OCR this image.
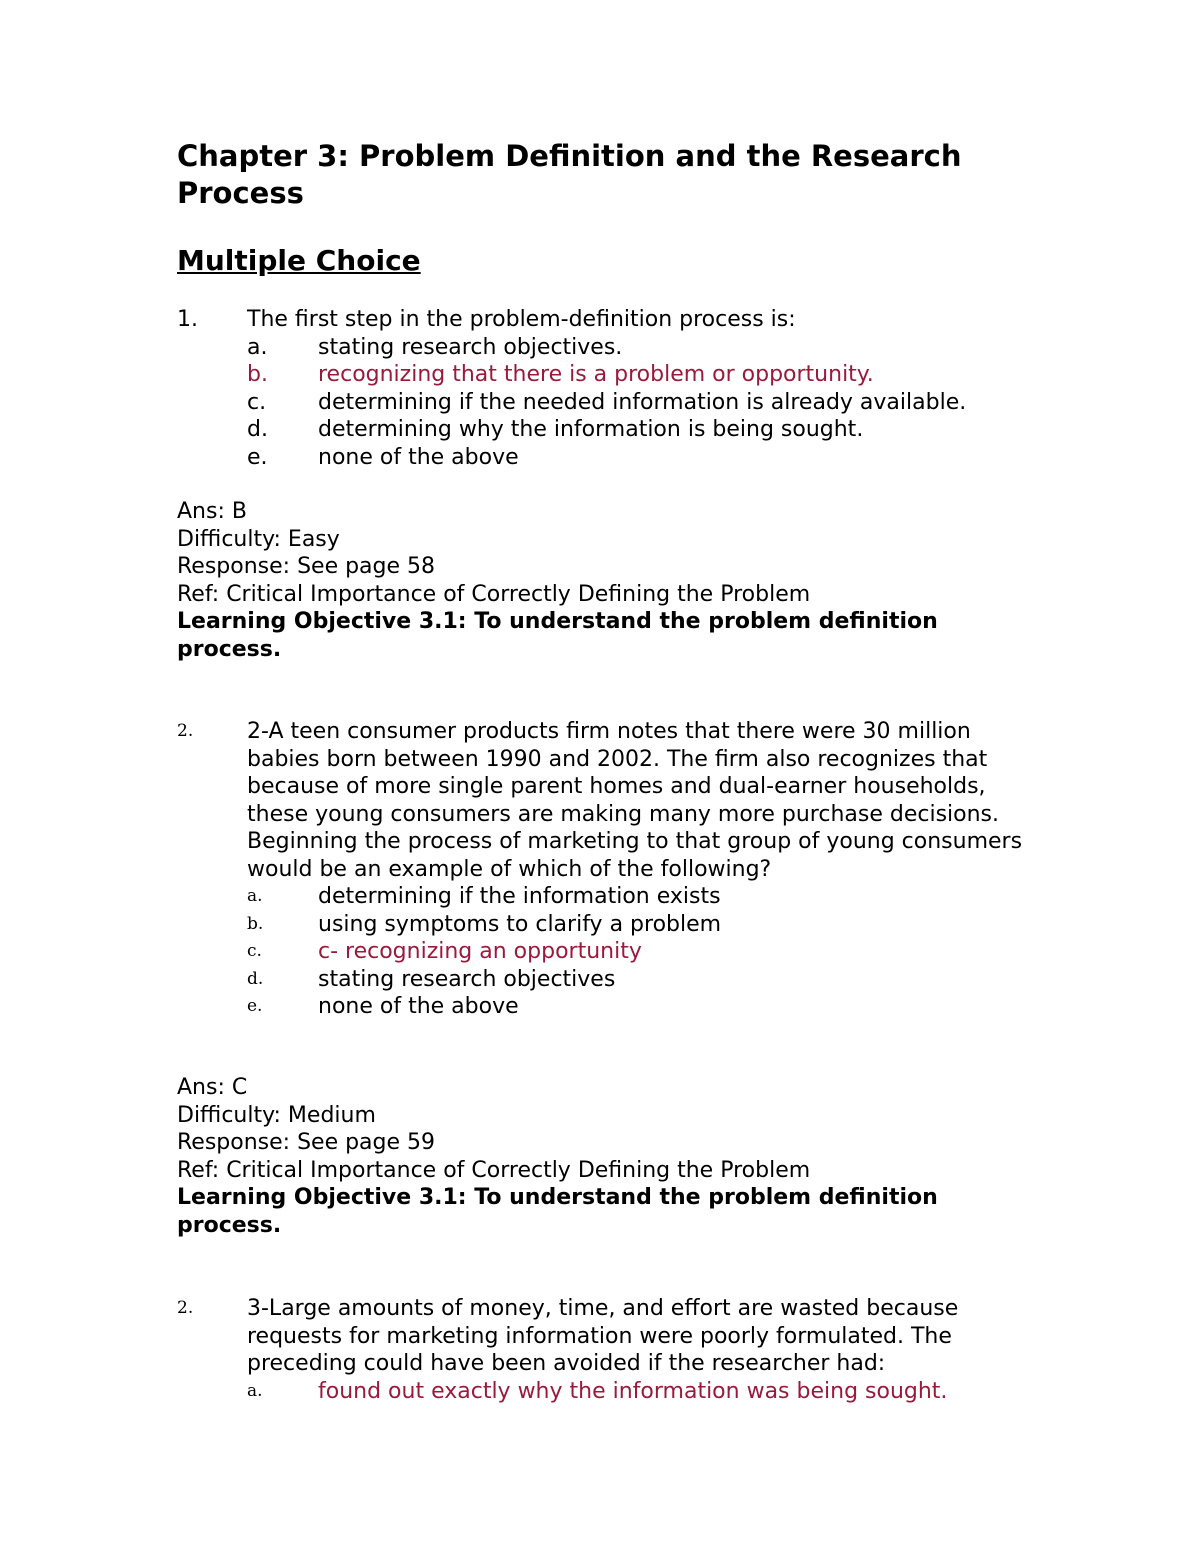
Chapter 3: Problem Definition and the Research Process
Multiple Choice
1.	The first step in the problem-definition process is:
a.	stating research objectives.
b.	recognizing that there is a problem or opportunity.
c.	determining if the needed information is already available.
d.	determining why the information is being sought.
e.	none of the above
Ans: B
Difficulty: Easy
Response: See page 58
Ref: Critical Importance of Correctly Defining the Problem
Learning Objective 3.1: To understand the problem definition process.
2.	2-A teen consumer products firm notes that there were 30 million babies born between 1990 and 2002. The firm also recognizes that because of more single parent homes and dual-earner households, these young consumers are making many more purchase decisions. Beginning the process of marketing to that group of young consumers would be an example of which of the following?
a.	determining if the information exists
b.	using symptoms to clarify a problem
c.	c- recognizing an opportunity
d.	stating research objectives
e.	none of the above
Ans: C
Difficulty: Medium
Response: See page 59
Ref: Critical Importance of Correctly Defining the Problem
Learning Objective 3.1: To understand the problem definition process.
2.	3-Large amounts of money, time, and effort are wasted because requests for marketing information were poorly formulated. The preceding could have been avoided if the researcher had:
a.	found out exactly why the information was being sought.
